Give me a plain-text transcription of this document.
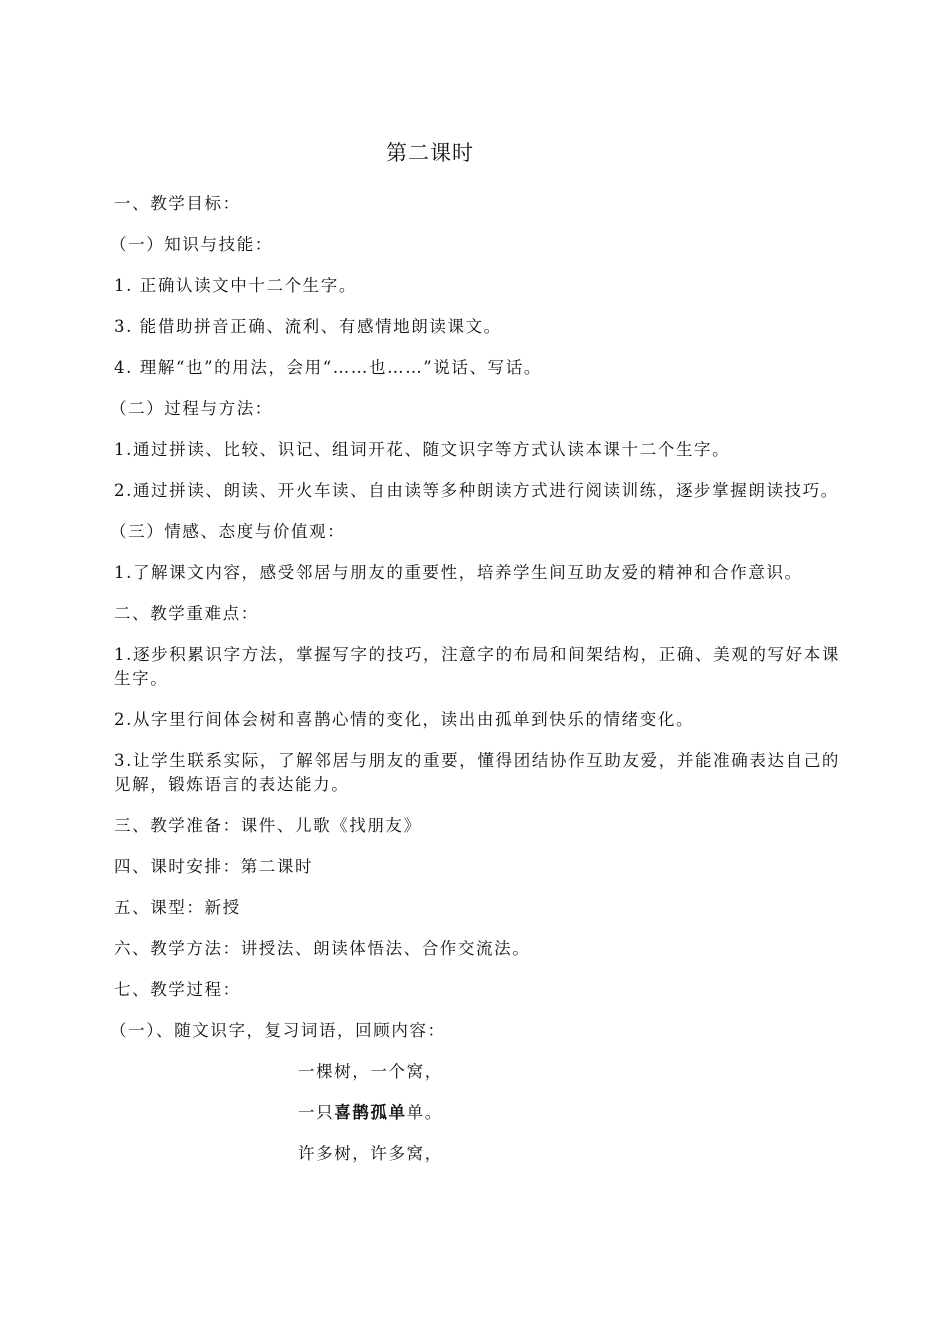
第二课时

一、教学目标：

（一）知识与技能：

1. 正确认读文中十二个生字。

3. 能借助拼音正确、流利、有感情地朗读课文。

4. 理解“也”的用法，会用“……也……”说话、写话。

（二）过程与方法：

1.通过拼读、比较、识记、组词开花、随文识字等方式认读本课十二个生字。

2.通过拼读、朗读、开火车读、自由读等多种朗读方式进行阅读训练，逐步掌握朗读技巧。

（三）情感、态度与价值观：

1.了解课文内容，感受邻居与朋友的重要性，培养学生间互助友爱的精神和合作意识。

二、教学重难点：

1.逐步积累识字方法，掌握写字的技巧，注意字的布局和间架结构，正确、美观的写好本课生字。

2.从字里行间体会树和喜鹊心情的变化，读出由孤单到快乐的情绪变化。

3.让学生联系实际，了解邻居与朋友的重要，懂得团结协作互助友爱，并能准确表达自己的见解，锻炼语言的表达能力。

三、教学准备：课件、儿歌《找朋友》

四、课时安排：第二课时

五、课型：新授

六、教学方法：讲授法、朗读体悟法、合作交流法。

七、教学过程：

（一）、随文识字，复习词语，回顾内容：

一棵树，一个窝，
一只喜鹊孤单单。
许多树，许多窝，
